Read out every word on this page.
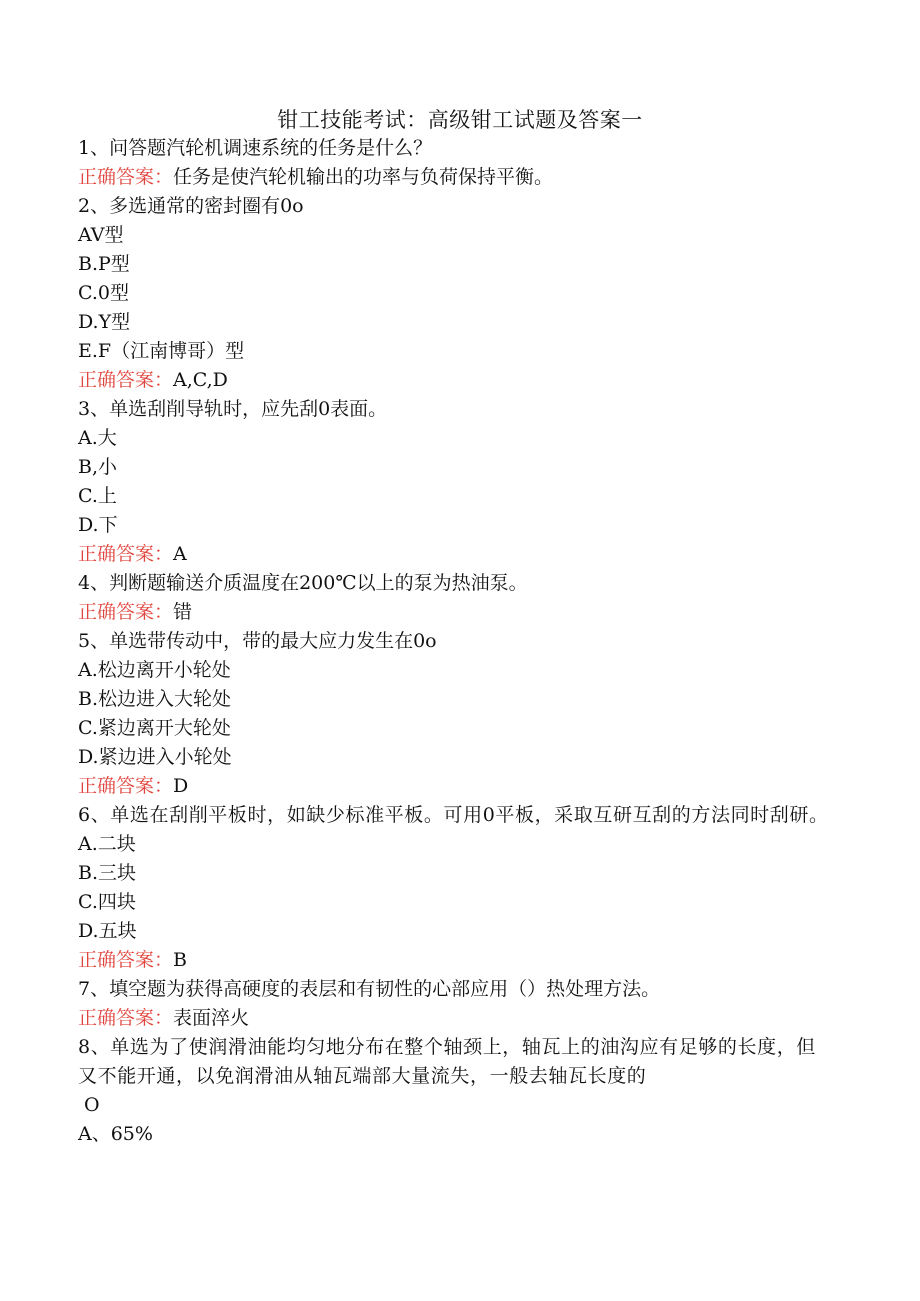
钳工技能考试：高级钳工试题及答案一
1、问答题汽轮机调速系统的任务是什么？
正确答案：任务是使汽轮机输出的功率与负荷保持平衡。
2、多选通常的密封圈有0o
AV型
B.P型
C.0型
D.Y型
E.F（江南博哥）型
正确答案：A,C,D
3、单选刮削导轨时，应先刮0表面。
A.大
B,小
C.上
D.下
正确答案：A
4、判断题输送介质温度在200℃以上的泵为热油泵。
正确答案：错
5、单选带传动中，带的最大应力发生在0o
A.松边离开小轮处
B.松边进入大轮处
C.紧边离开大轮处
D.紧边进入小轮处
正确答案：D
6、单选在刮削平板时，如缺少标准平板。可用0平板，采取互研互刮的方法同时刮研。
A.二块
B.三块
C.四块
D.五块
正确答案：B
7、填空题为获得高硬度的表层和有韧性的心部应用（）热处理方法。
正确答案：表面淬火
8、单选为了使润滑油能均匀地分布在整个轴颈上，轴瓦上的油沟应有足够的长度，但又不能开通，以免润滑油从轴瓦端部大量流失，一般去轴瓦长度的
O
A、65%
